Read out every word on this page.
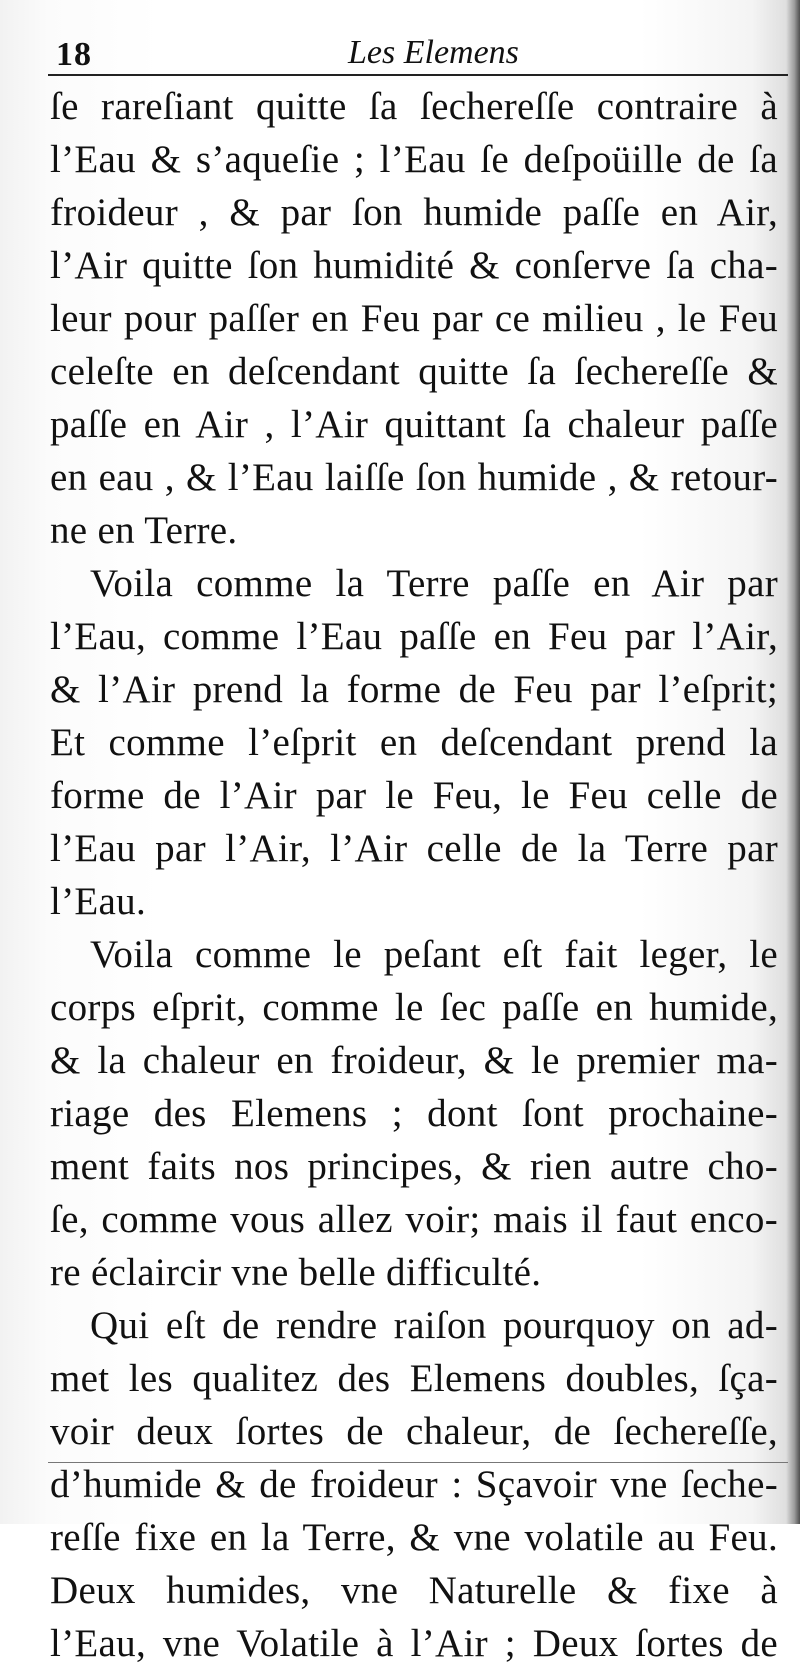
18	Les Elemens
ſe rareſiant quitte ſa ſechereſſe contraire à
l’Eau & s’aqueſie ; l’Eau ſe deſpoüille de ſa
froideur , & par ſon humide paſſe en Air,
l’Air quitte ſon humidité & conſerve ſa cha-
leur pour paſſer en Feu par ce milieu , le Feu
celeſte en deſcendant quitte ſa ſechereſſe &
paſſe en Air , l’Air quittant ſa chaleur paſſe
en eau , & l’Eau laiſſe ſon humide , & retour-
ne en Terre.
Voila comme la Terre paſſe en Air par
l’Eau, comme l’Eau paſſe en Feu par l’Air,
& l’Air prend la forme de Feu par l’eſprit;
Et comme l’eſprit en deſcendant prend la
forme de l’Air par le Feu, le Feu celle de
l’Eau par l’Air, l’Air celle de la Terre par
l’Eau.
Voila comme le peſant eſt fait leger, le
corps eſprit, comme le ſec paſſe en humide,
& la chaleur en froideur, & le premier ma-
riage des Elemens ; dont ſont prochaine-
ment faits nos principes, & rien autre cho-
ſe, comme vous allez voir; mais il faut enco-
re éclaircir vne belle difficulté.
Qui eſt de rendre raiſon pourquoy on ad-
met les qualitez des Elemens doubles, ſça-
voir deux ſortes de chaleur, de ſechereſſe,
d’humide & de froideur : Sçavoir vne ſeche-
reſſe fixe en la Terre, & vne volatile au Feu.
Deux humides, vne Naturelle & fixe à
l’Eau, vne Volatile à l’Air ; Deux ſortes de
